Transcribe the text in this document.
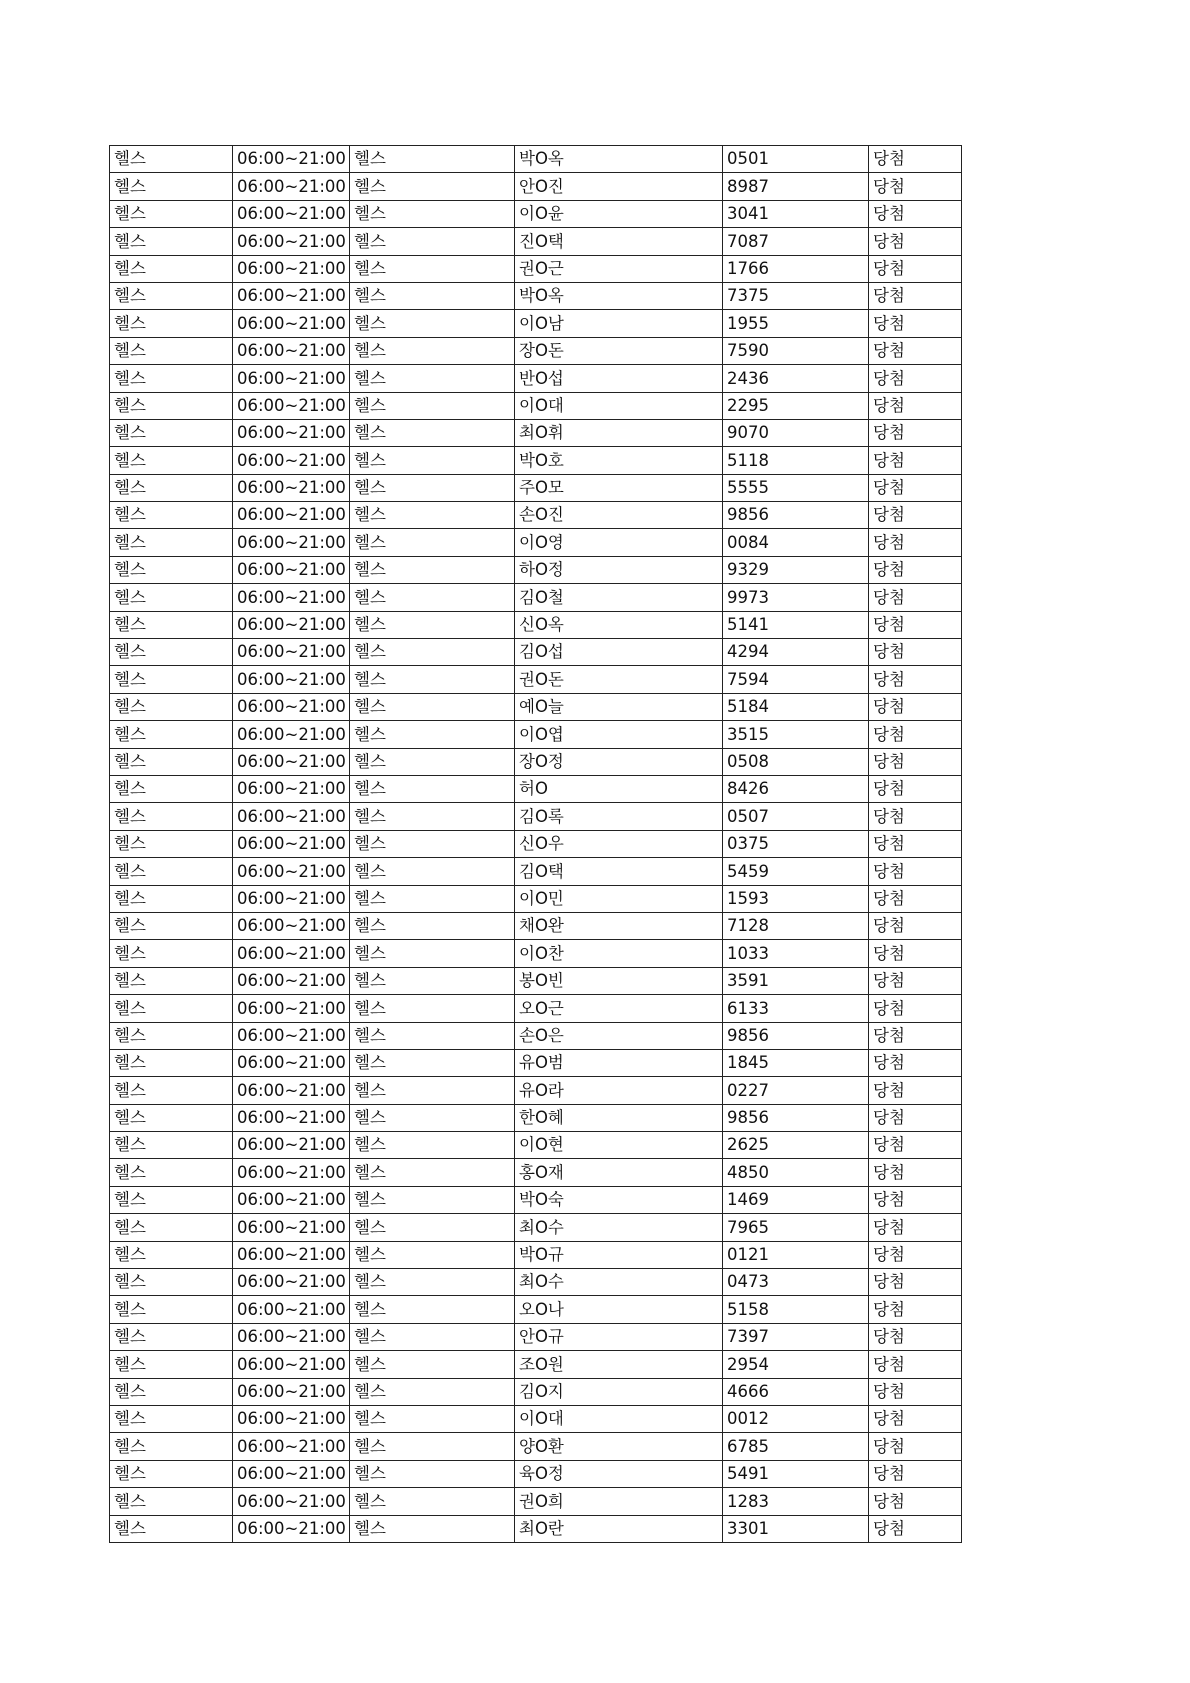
헬스	06:00~21:00	헬스	박O옥	0501	당첨
헬스	06:00~21:00	헬스	안O진	8987	당첨
헬스	06:00~21:00	헬스	이O윤	3041	당첨
헬스	06:00~21:00	헬스	진O택	7087	당첨
헬스	06:00~21:00	헬스	권O근	1766	당첨
헬스	06:00~21:00	헬스	박O옥	7375	당첨
헬스	06:00~21:00	헬스	이O남	1955	당첨
헬스	06:00~21:00	헬스	장O돈	7590	당첨
헬스	06:00~21:00	헬스	반O섭	2436	당첨
헬스	06:00~21:00	헬스	이O대	2295	당첨
헬스	06:00~21:00	헬스	최O휘	9070	당첨
헬스	06:00~21:00	헬스	박O호	5118	당첨
헬스	06:00~21:00	헬스	주O모	5555	당첨
헬스	06:00~21:00	헬스	손O진	9856	당첨
헬스	06:00~21:00	헬스	이O영	0084	당첨
헬스	06:00~21:00	헬스	하O정	9329	당첨
헬스	06:00~21:00	헬스	김O철	9973	당첨
헬스	06:00~21:00	헬스	신O옥	5141	당첨
헬스	06:00~21:00	헬스	김O섭	4294	당첨
헬스	06:00~21:00	헬스	권O돈	7594	당첨
헬스	06:00~21:00	헬스	예O늘	5184	당첨
헬스	06:00~21:00	헬스	이O엽	3515	당첨
헬스	06:00~21:00	헬스	장O정	0508	당첨
헬스	06:00~21:00	헬스	허O	8426	당첨
헬스	06:00~21:00	헬스	김O록	0507	당첨
헬스	06:00~21:00	헬스	신O우	0375	당첨
헬스	06:00~21:00	헬스	김O택	5459	당첨
헬스	06:00~21:00	헬스	이O민	1593	당첨
헬스	06:00~21:00	헬스	채O완	7128	당첨
헬스	06:00~21:00	헬스	이O찬	1033	당첨
헬스	06:00~21:00	헬스	봉O빈	3591	당첨
헬스	06:00~21:00	헬스	오O근	6133	당첨
헬스	06:00~21:00	헬스	손O은	9856	당첨
헬스	06:00~21:00	헬스	유O범	1845	당첨
헬스	06:00~21:00	헬스	유O라	0227	당첨
헬스	06:00~21:00	헬스	한O혜	9856	당첨
헬스	06:00~21:00	헬스	이O현	2625	당첨
헬스	06:00~21:00	헬스	홍O재	4850	당첨
헬스	06:00~21:00	헬스	박O숙	1469	당첨
헬스	06:00~21:00	헬스	최O수	7965	당첨
헬스	06:00~21:00	헬스	박O규	0121	당첨
헬스	06:00~21:00	헬스	최O수	0473	당첨
헬스	06:00~21:00	헬스	오O나	5158	당첨
헬스	06:00~21:00	헬스	안O규	7397	당첨
헬스	06:00~21:00	헬스	조O원	2954	당첨
헬스	06:00~21:00	헬스	김O지	4666	당첨
헬스	06:00~21:00	헬스	이O대	0012	당첨
헬스	06:00~21:00	헬스	양O환	6785	당첨
헬스	06:00~21:00	헬스	육O정	5491	당첨
헬스	06:00~21:00	헬스	권O희	1283	당첨
헬스	06:00~21:00	헬스	최O란	3301	당첨
